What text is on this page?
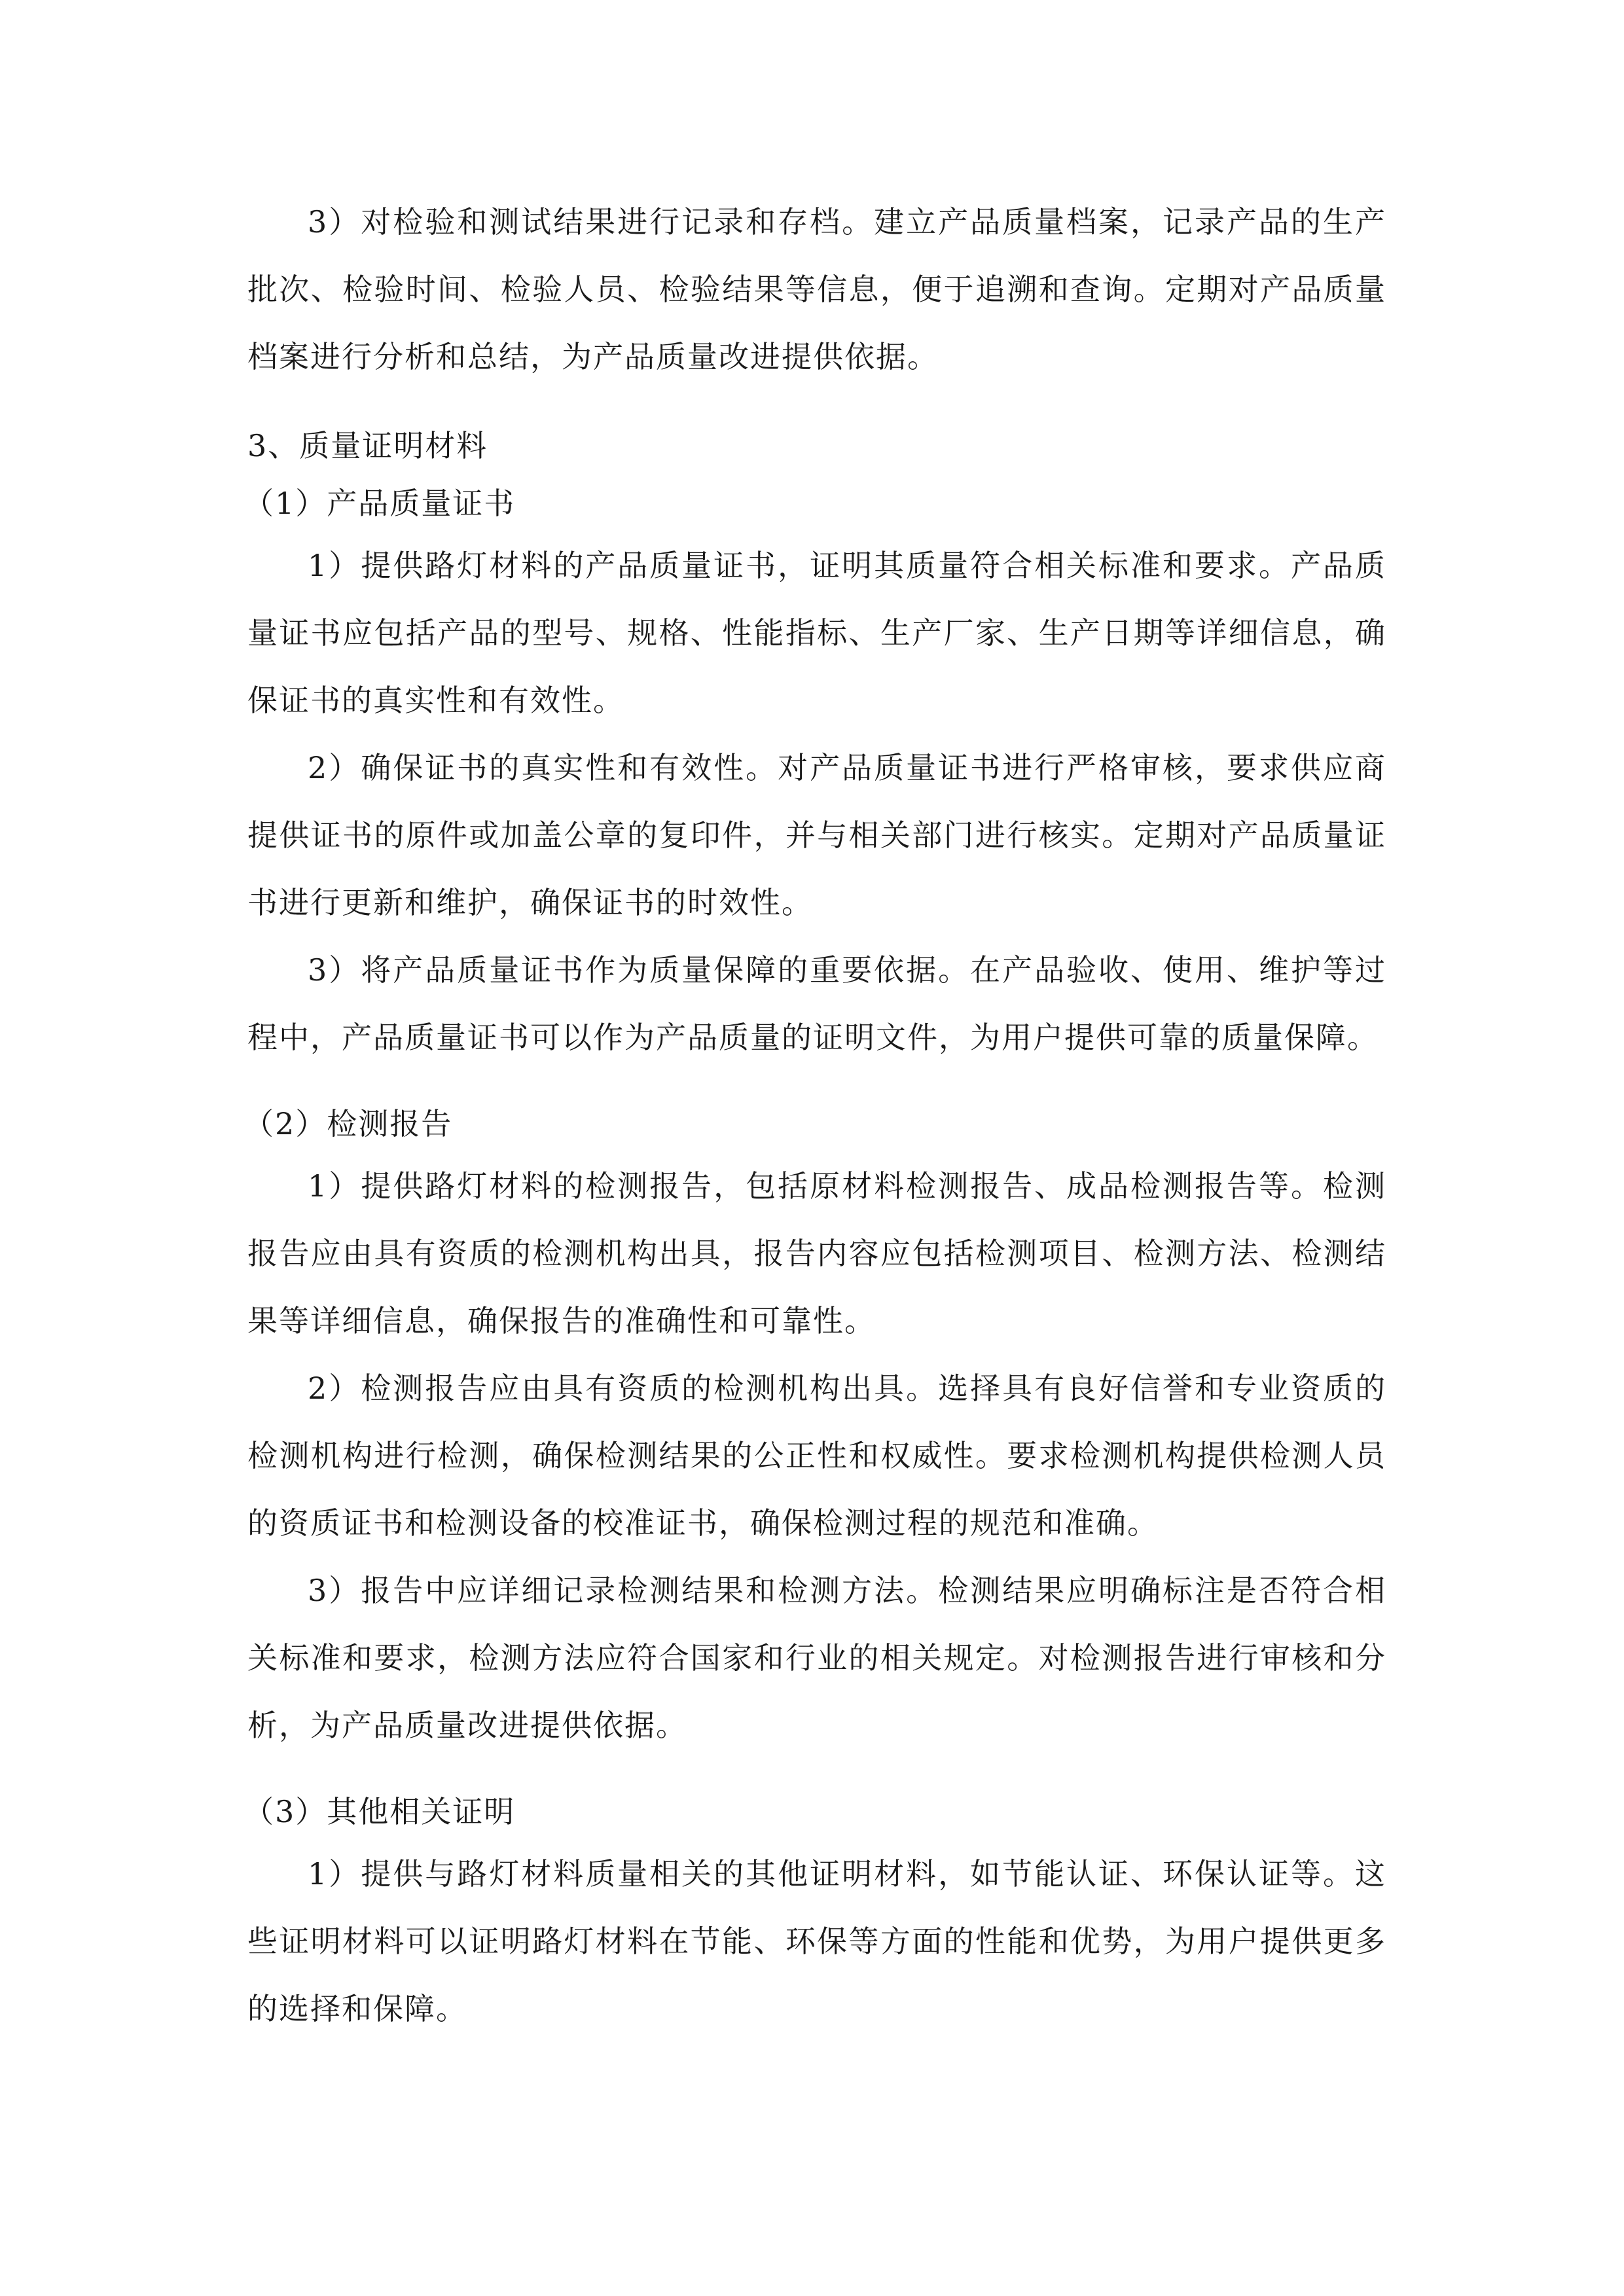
3）对检验和测试结果进行记录和存档。建立产品质量档案，记录产品的生产批次、检验时间、检验人员、检验结果等信息，便于追溯和查询。定期对产品质量档案进行分析和总结，为产品质量改进提供依据。

3、质量证明材料

（1）产品质量证书

1）提供路灯材料的产品质量证书，证明其质量符合相关标准和要求。产品质量证书应包括产品的型号、规格、性能指标、生产厂家、生产日期等详细信息，确保证书的真实性和有效性。

2）确保证书的真实性和有效性。对产品质量证书进行严格审核，要求供应商提供证书的原件或加盖公章的复印件，并与相关部门进行核实。定期对产品质量证书进行更新和维护，确保证书的时效性。

3）将产品质量证书作为质量保障的重要依据。在产品验收、使用、维护等过程中，产品质量证书可以作为产品质量的证明文件，为用户提供可靠的质量保障。

（2）检测报告

1）提供路灯材料的检测报告，包括原材料检测报告、成品检测报告等。检测报告应由具有资质的检测机构出具，报告内容应包括检测项目、检测方法、检测结果等详细信息，确保报告的准确性和可靠性。

2）检测报告应由具有资质的检测机构出具。选择具有良好信誉和专业资质的检测机构进行检测，确保检测结果的公正性和权威性。要求检测机构提供检测人员的资质证书和检测设备的校准证书，确保检测过程的规范和准确。

3）报告中应详细记录检测结果和检测方法。检测结果应明确标注是否符合相关标准和要求，检测方法应符合国家和行业的相关规定。对检测报告进行审核和分析，为产品质量改进提供依据。

（3）其他相关证明

1）提供与路灯材料质量相关的其他证明材料，如节能认证、环保认证等。这些证明材料可以证明路灯材料在节能、环保等方面的性能和优势，为用户提供更多的选择和保障。
